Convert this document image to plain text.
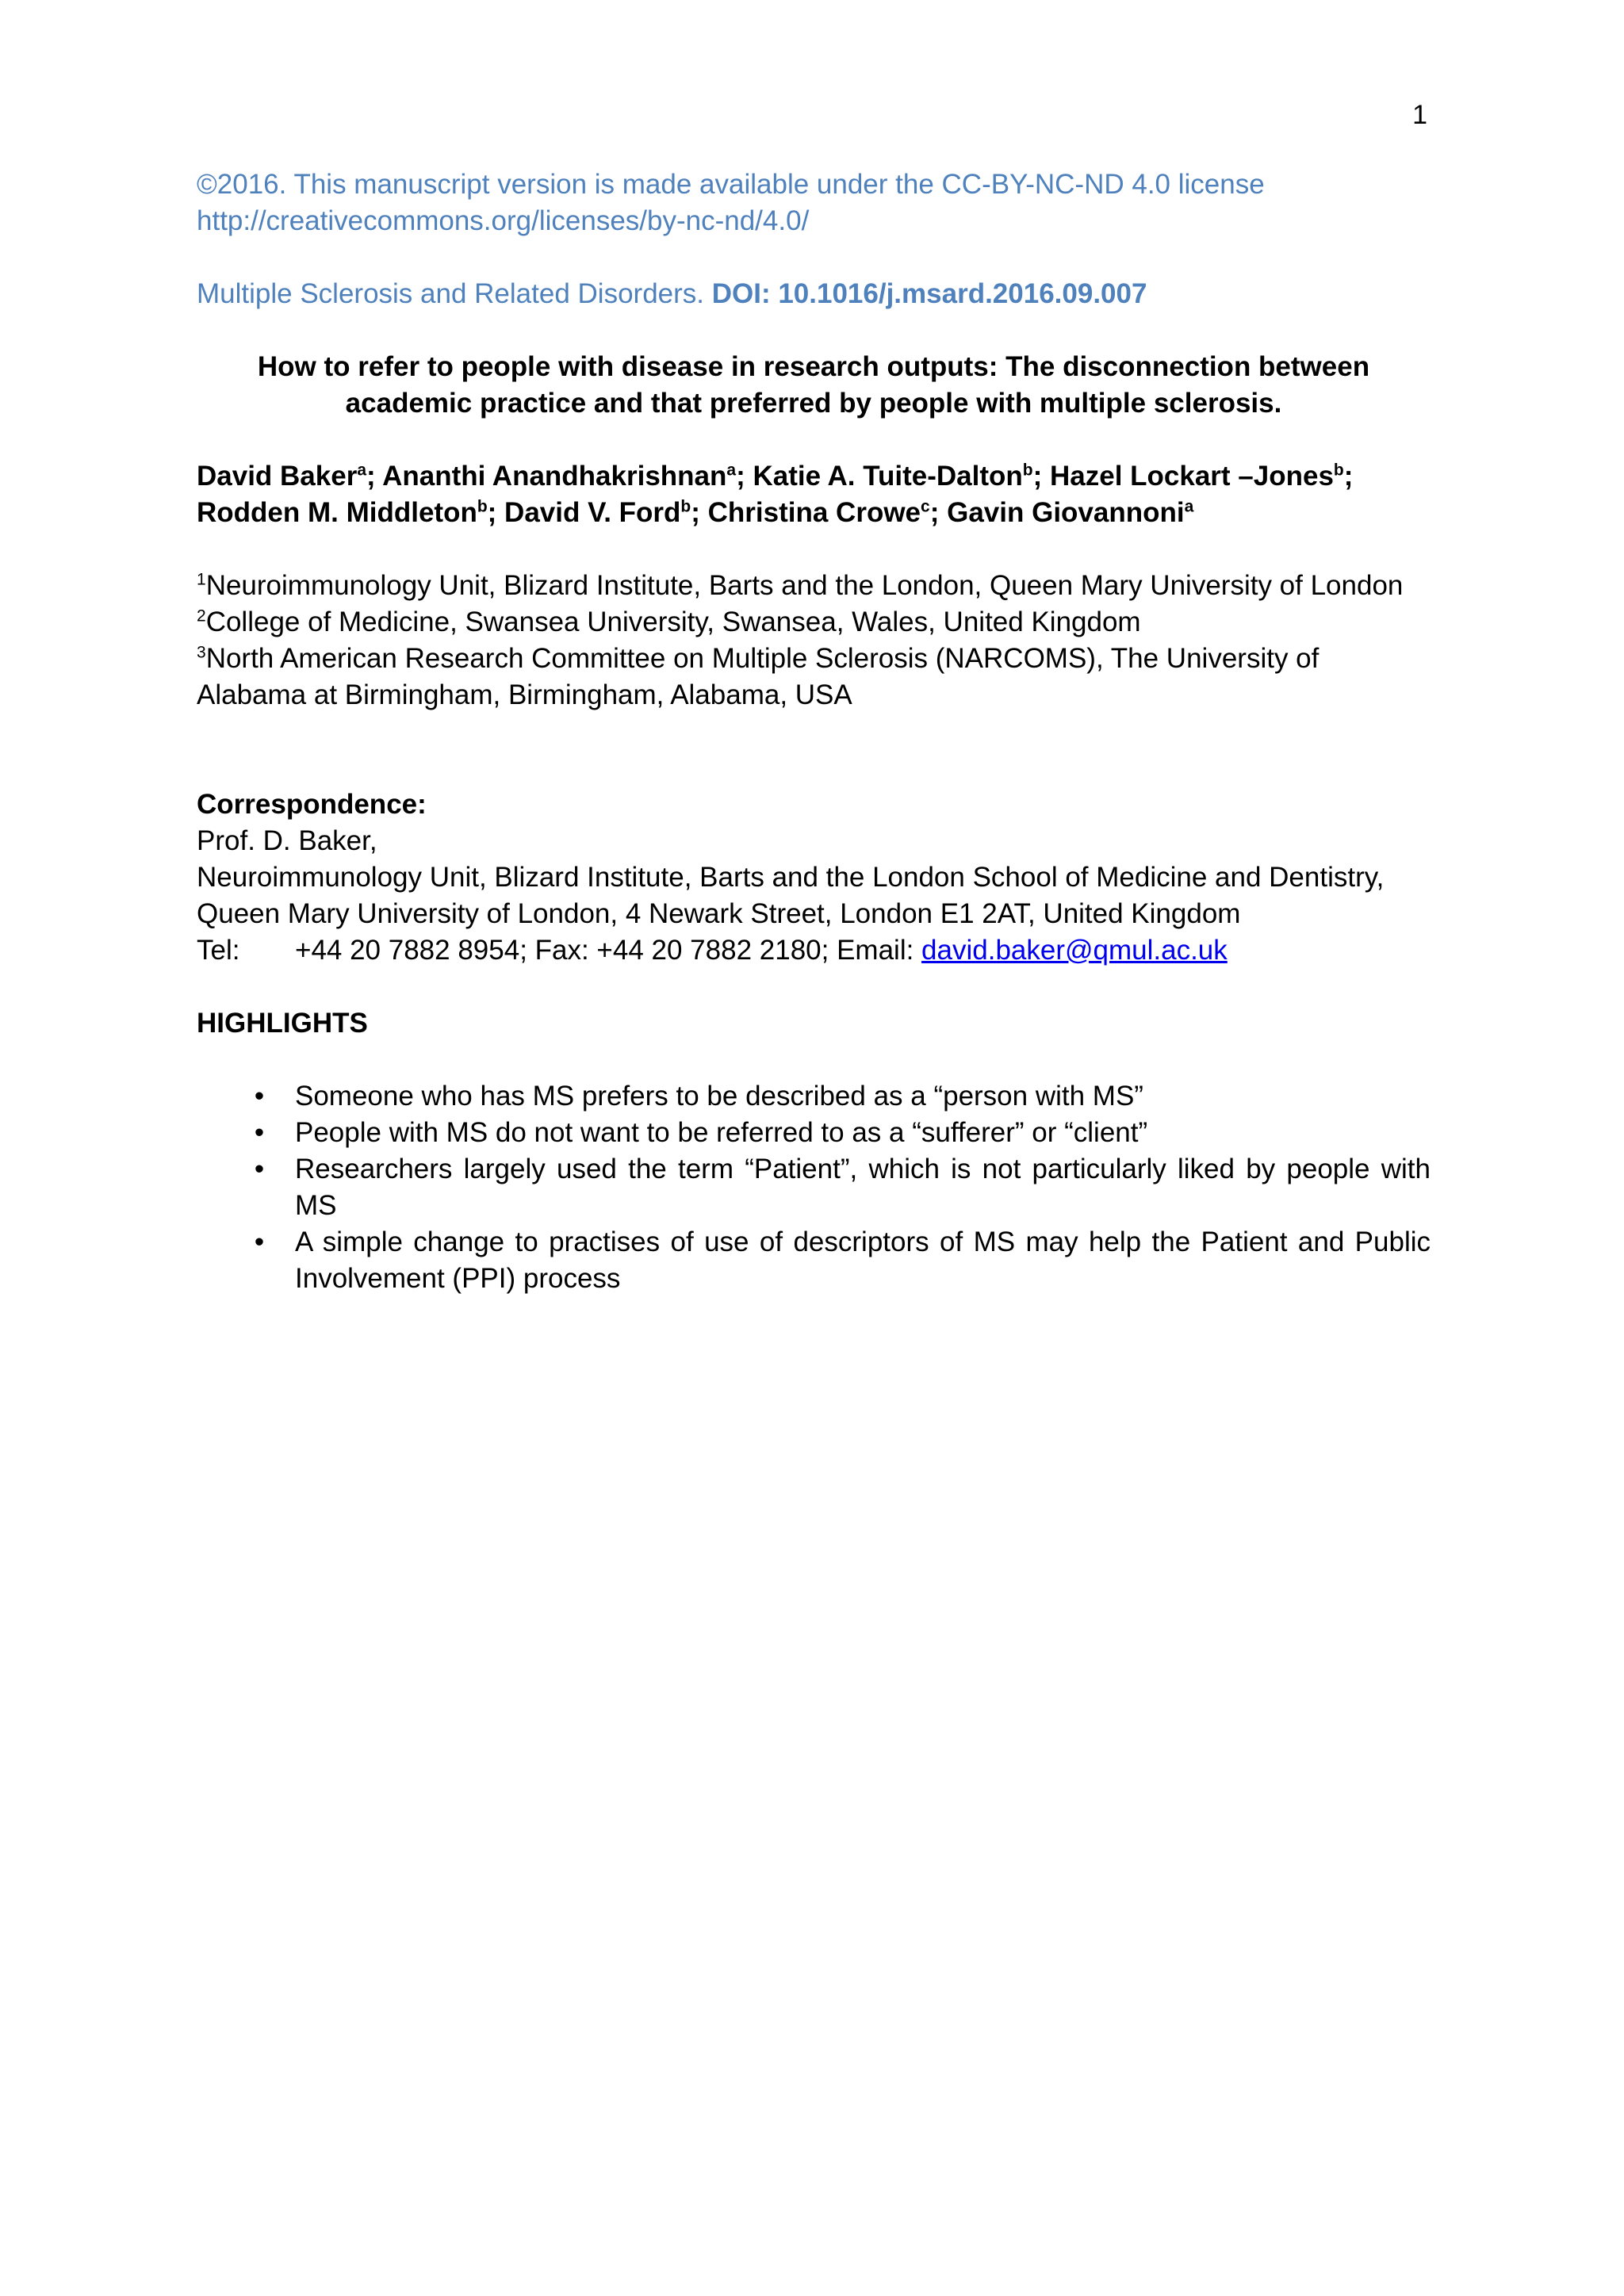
1

©2016. This manuscript version is made available under the CC-BY-NC-ND 4.0 license

http://creativecommons.org/licenses/by-nc-nd/4.0/

Multiple Sclerosis and Related Disorders. DOI: 10.1016/j.msard.2016.09.007

How to refer to people with disease in research outputs: The disconnection between academic practice and that preferred by people with multiple sclerosis.

David Baker$^a$; Ananthi Anandhakrishnan$^a$; Katie A. Tuite-Dalton$^b$; Hazel Lockart –Jones$^b$; Rodden M. Middleton$^b$; David V. Ford$^b$; Christina Crowe$^c$; Gavin Giovannoni$^a$

$^1$Neuroimmunology Unit, Blizard Institute, Barts and the London, Queen Mary University of London

$^2$College of Medicine, Swansea University, Swansea, Wales, United Kingdom

$^3$North American Research Committee on Multiple Sclerosis (NARCOMS), The University of Alabama at Birmingham, Birmingham, Alabama, USA

Correspondence:

Prof. D. Baker,

Neuroimmunology Unit, Blizard Institute, Barts and the London School of Medicine and Dentistry,

Queen Mary University of London, 4 Newark Street, London E1 2AT, United Kingdom

Tel: +44 20 7882 8954; Fax: +44 20 7882 2180; Email: david.baker@qmul.ac.uk

HIGHLIGHTS

• Someone who has MS prefers to be described as a “person with MS”
• People with MS do not want to be referred to as a “sufferer” or “client”
• Researchers largely used the term “Patient”, which is not particularly liked by people with MS
• A simple change to practises of use of descriptors of MS may help the Patient and Public Involvement (PPI) process
